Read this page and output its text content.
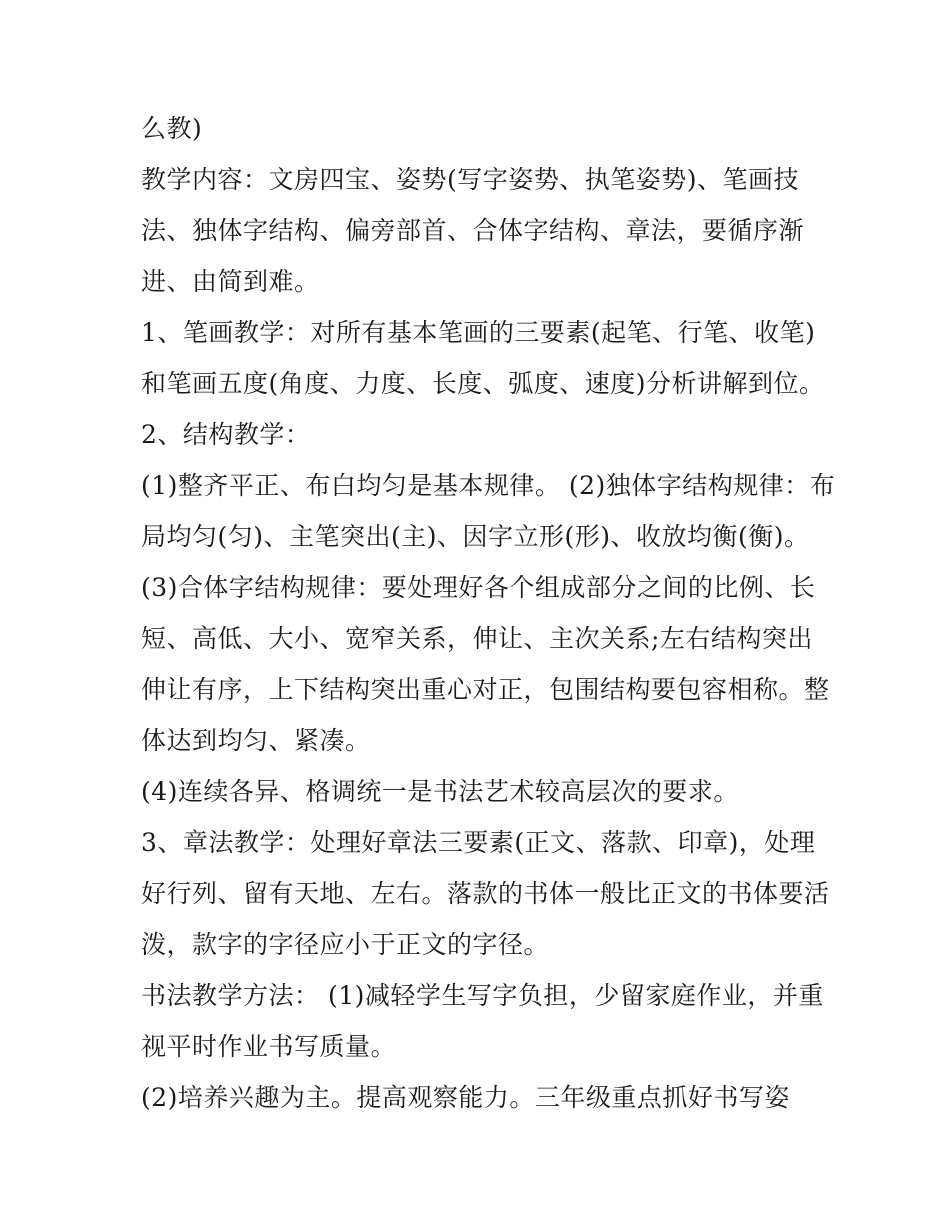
么教)
教学内容：文房四宝、姿势(写字姿势、执笔姿势)、笔画技
法、独体字结构、偏旁部首、合体字结构、章法，要循序渐
进、由简到难。
1、笔画教学：对所有基本笔画的三要素(起笔、行笔、收笔)
和笔画五度(角度、力度、长度、弧度、速度)分析讲解到位。
2、结构教学：
(1)整齐平正、布白均匀是基本规律。 (2)独体字结构规律：布
局均匀(匀)、主笔突出(主)、因字立形(形)、收放均衡(衡)。
(3)合体字结构规律：要处理好各个组成部分之间的比例、长
短、高低、大小、宽窄关系，伸让、主次关系;左右结构突出
伸让有序，上下结构突出重心对正，包围结构要包容相称。整
体达到均匀、紧凑。
(4)连续各异、格调统一是书法艺术较高层次的要求。
3、章法教学：处理好章法三要素(正文、落款、印章)，处理
好行列、留有天地、左右。落款的书体一般比正文的书体要活
泼，款字的字径应小于正文的字径。
书法教学方法： (1)减轻学生写字负担，少留家庭作业，并重
视平时作业书写质量。
(2)培养兴趣为主。提高观察能力。三年级重点抓好书写姿
